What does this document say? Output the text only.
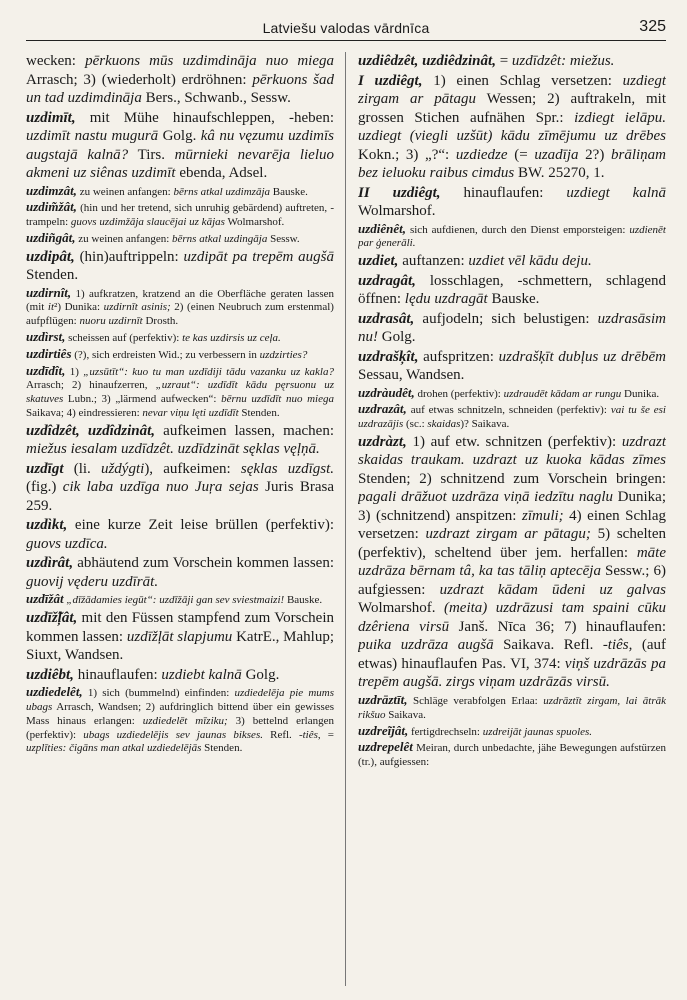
Latviešu valodas vārdnīca	325

wecken: pērkuons mūs uzdimdināja nuo miega Arrasch; 3) (wiederholt) erdröhnen: pērkuons šad un tad uzdimdināja Bers., Schwanb., Sessw.

uzdimīt, mit Mühe hinaufschleppen, -heben: uzdimīt nastu mugurā Golg. kâ nu vęzumu uzdimīs augstajā kalnā? Tirs. mūrnieki nevarēja lieluo akmeni uz siênas uzdimīt ebenda, Adsel.

uzdimzât, zu weinen anfangen: bērns atkal uzdimzāja Bauske.

uzdim̃žât, (hin und her tretend, sich unruhig gebärdend) auftreten, -trampeln: guovs uzdimžāja slaucējai uz kājas Wolmarshof.

uzdiñgât, zu weinen anfangen: bērns atkal uzdingāja Sessw.

uzdipât, (hin)auftrippeln: uzdipāt pa trepēm augšā Stenden.

uzdirnît, 1) aufkratzen, kratzend an die Oberfläche geraten lassen (mit it²) Dunika: uzdirnīt asinis; 2) (einen Neubruch zum erstenmal) aufpflügen: nuoru uzdirnīt Drosth.

uzdìrst, scheissen auf (perfektiv): te kas uzdirsis uz ceļa.

uzdirtiês (?), sich erdreisten Wid.; zu verbessern in uzdzirties?

uzdīdît, 1) „uzsūtīt“: kuo tu man uzdīdiji tādu vazanku uz kakla? Arrasch; 2) hinaufzerren, „uzraut“: uzdīdīt kādu pęrsuonu uz skatuves Lubn.; 3) „lärmend aufwecken“: bērnu uzdīdīt nuo miega Saikava; 4) eindressieren: nevar viņu lęti uzdīdīt Stenden.

uzdîdzêt, uzdîdzinât, aufkeimen lassen, machen: miežus iesalam uzdīdzêt. uzdīdzināt sęklas vęļņā.

uzdīgt (li. uždýgti), aufkeimen: sęklas uzdīgst. (fig.) cik laba uzdīga nuo Juŗa sejas Juris Brasa 259.

uzdìkt, eine kurze Zeit leise brüllen (perfektiv): guovs uzdīca.

uzdìrât, abhäutend zum Vorschein kommen lassen: guovij vęderu uzdīrāt.

uzdīžât „dīžādamies iegūt“: uzdīžāji gan sev sviestmaizi! Bauske.

uzdīž̃ļât, mit den Füssen stampfend zum Vorschein kommen lassen: uzdīžļāt slapjumu KatrE., Mahlup; Siuxt, Wandsen.

uzdiêbt, hinauflaufen: uzdiebt kalnā Golg.

uzdiedelêt, 1) sich (bummelnd) einfinden: uzdiedelēja pie mums ubags Arrasch, Wandsen; 2) aufdringlich bittend über ein gewisses Mass hinaus erlangen: uzdiedelēt mīziku; 3) bettelnd erlangen (perfektiv): ubags uzdiedelējis sev jaunas bikses. Refl. -tiês, = uzplīties: čigāns man atkal uzdiedelējās Stenden.

uzdiêdzêt, uzdiêdzinât, = uzdīdzêt: miežus.

I uzdiêgt, 1) einen Schlag versetzen: uzdiegt zirgam ar pātagu Wessen; 2) auftrakeln, mit grossen Stichen aufnähen Spr.: izdiegt ielāpu. uzdiegt (viegli uzšūt) kādu zīmējumu uz drēbes Kokn.; 3) „?“: uzdiedze (= uzadīja 2?) brāliņam bez ieluoku raibus cimdus BW. 25270, 1.

II uzdiêgt, hinauflaufen: uzdiegt kalnā Wolmarshof.

uzdiênêt, sich aufdienen, durch den Dienst emporsteigen: uzdienēt par ģenerāli.

uzdiet, auftanzen: uzdiet vēl kādu deju.

uzdragât, losschlagen, -schmettern, schlagend öffnen: lędu uzdragāt Bauske.

uzdrasât, aufjodeln; sich belustigen: uzdrasāsim nu! Golg.

uzdrašķît, aufspritzen: uzdrašķīt dubļus uz drēbēm Sessau, Wandsen.

uzdràudêt, drohen (perfektiv): uzdraudēt kādam ar rungu Dunika.

uzdrazât, auf etwas schnitzeln, schneiden (perfektiv): vai tu še esi uzdrazājis (sc.: skaidas)? Saikava.

uzdràzt, 1) auf etw. schnitzen (perfektiv): uzdrazt skaidas traukam. uzdrazt uz kuoka kādas zīmes Stenden; 2) schnitzend zum Vorschein bringen: pagali drāžuot uzdrāza viņā iedzītu naglu Dunika; 3) (schnitzend) anspitzen: zīmuli; 4) einen Schlag versetzen: uzdrazt zirgam ar pātagu; 5) schelten (perfektiv), scheltend über jem. herfallen: māte uzdrāza bērnam tâ, ka tas tāliņ aptecēja Sessw.; 6) aufgiessen: uzdrazt kādam ūdeni uz galvas Wolmarshof. (meita) uzdrāzusi tam spaini cūku dzêriena virsū Janš. Nīca 36; 7) hinauflaufen: puika uzdrāza augšā Saikava. Refl. -tiês, (auf etwas) hinauflaufen Pas. VI, 374: viņš uzdrāzās pa trepēm augšā. zirgs viņam uzdrāzās virsū.

uzdrāztīt, Schläge verabfolgen Erlaa: uzdrāztīt zirgam, lai ātrāk rikšuo Saikava.

uzdreĩjât, fertigdrechseln: uzdreijāt jaunas spuoles.

uzdrepelêt Meiran, durch unbedachte, jähe Bewegungen aufstürzen (tr.), aufgiessen:
